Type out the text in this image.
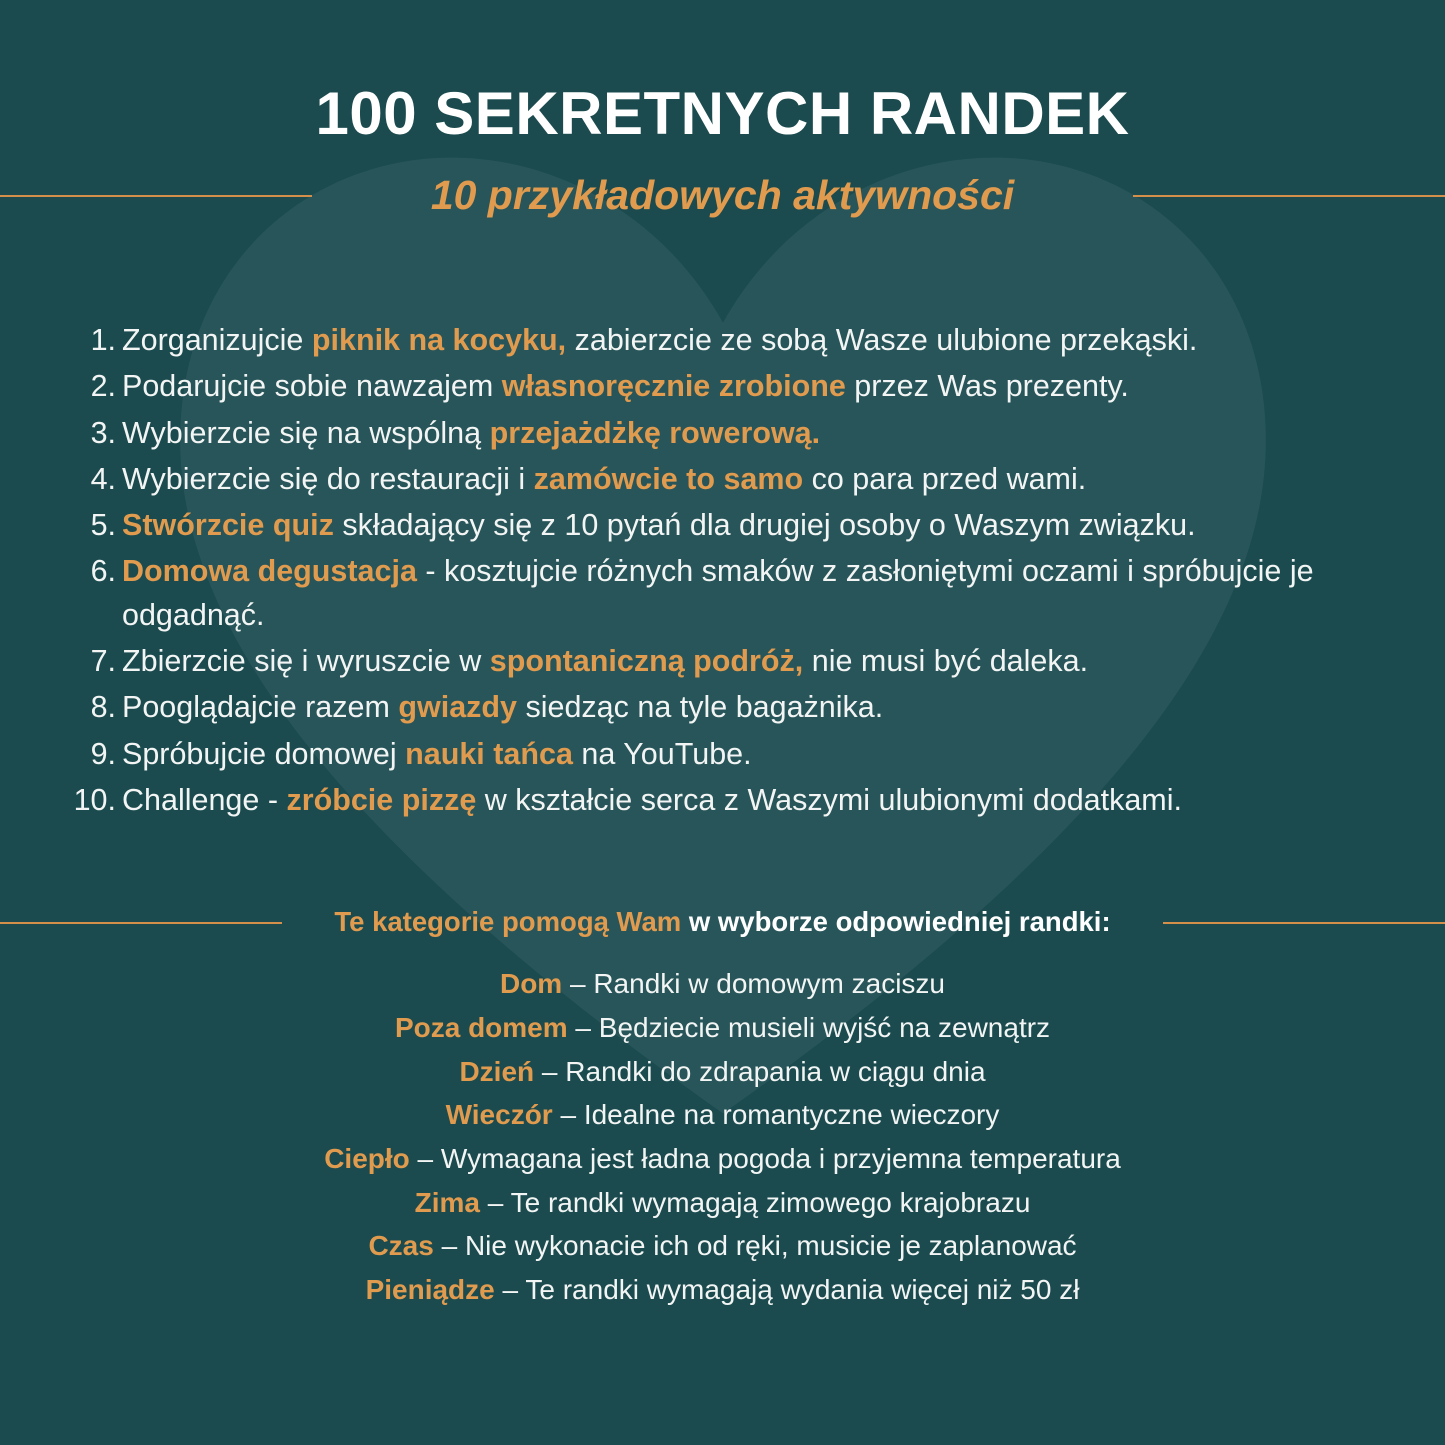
100 SEKRETNYCH RANDEK
10 przykładowych aktywności
1. Zorganizujcie piknik na kocyku, zabierzcie ze sobą Wasze ulubione przekąski.
2. Podarujcie sobie nawzajem własnoręcznie zrobione przez Was prezenty.
3. Wybierzcie się na wspólną przejażdżkę rowerową.
4. Wybierzcie się do restauracji i zamówcie to samo co para przed wami.
5. Stwórzcie quiz składający się z 10 pytań dla drugiej osoby o Waszym związku.
6. Domowa degustacja - kosztujcie różnych smaków z zasłoniętymi oczami i spróbujcie je odgadnąć.
7. Zbierzcie się i wyruszcie w spontaniczną podróż, nie musi być daleka.
8. Pooglądajcie razem gwiazdy siedząc na tyle bagażnika.
9. Spróbujcie domowej nauki tańca na YouTube.
10. Challenge - zróbcie pizzę w kształcie serca z Waszymi ulubionymi dodatkami.
Te kategorie pomogą Wam w wyborze odpowiedniej randki:
Dom – Randki w domowym zaciszu
Poza domem – Będziecie musieli wyjść na zewnątrz
Dzień – Randki do zdrapania w ciągu dnia
Wieczór – Idealne na romantyczne wieczory
Ciepło – Wymagana jest ładna pogoda i przyjemna temperatura
Zima – Te randki wymagają zimowego krajobrazu
Czas – Nie wykonacie ich od ręki, musicie je zaplanować
Pieniądze – Te randki wymagają wydania więcej niż 50 zł
